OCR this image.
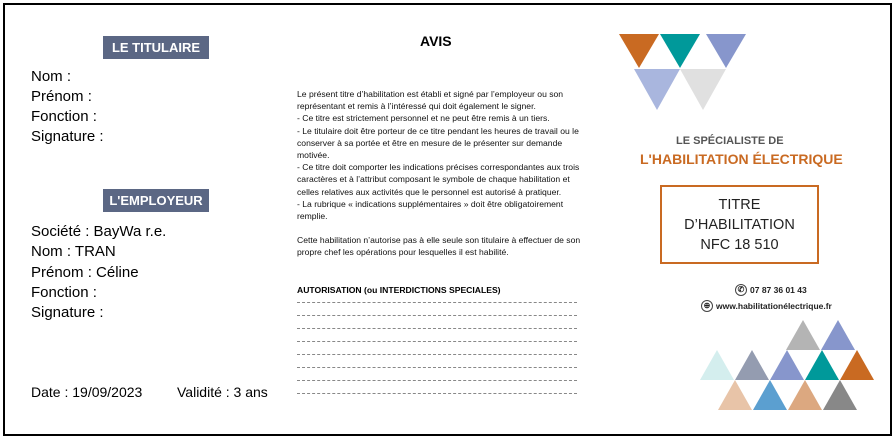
LE TITULAIRE
Nom :
Prénom :
Fonction :
Signature :
L'EMPLOYEUR
Société : BayWa r.e.
Nom : TRAN
Prénom : Céline
Fonction :
Signature :
Date : 19/09/2023 Validité : 3 ans
AVIS

Le présent titre d’habilitation est établi et signé par l’employeur ou son représentant et remis à l’intéressé qui doit également le signer.

- Ce titre est strictement personnel et ne peut être remis à un tiers.

- Le titulaire doit être porteur de ce titre pendant les heures de travail ou le conserver à sa portée et être en mesure de le présenter sur demande motivée.

- Ce titre doit comporter les indications précises correspondantes aux trois caractères et à l’attribut composant le symbole de chaque habilitation et celles relatives aux activités que le personnel est autorisé à pratiquer.

- La rubrique « indications supplémentaires » doit être obligatoirement remplie.

Cette habilitation n’autorise pas à elle seule son titulaire à effectuer de son propre chef les opérations pour lesquelles il est habilité.

AUTORISATION (ou INTERDICTIONS SPECIALES)
LE SPÉCIALISTE DE
L'HABILITATION ÉLECTRIQUE
TITRE
D’HABILITATION
NFC 18 510
✆ 07 87 36 01 43
⊕ www.habilitationélectrique.fr
